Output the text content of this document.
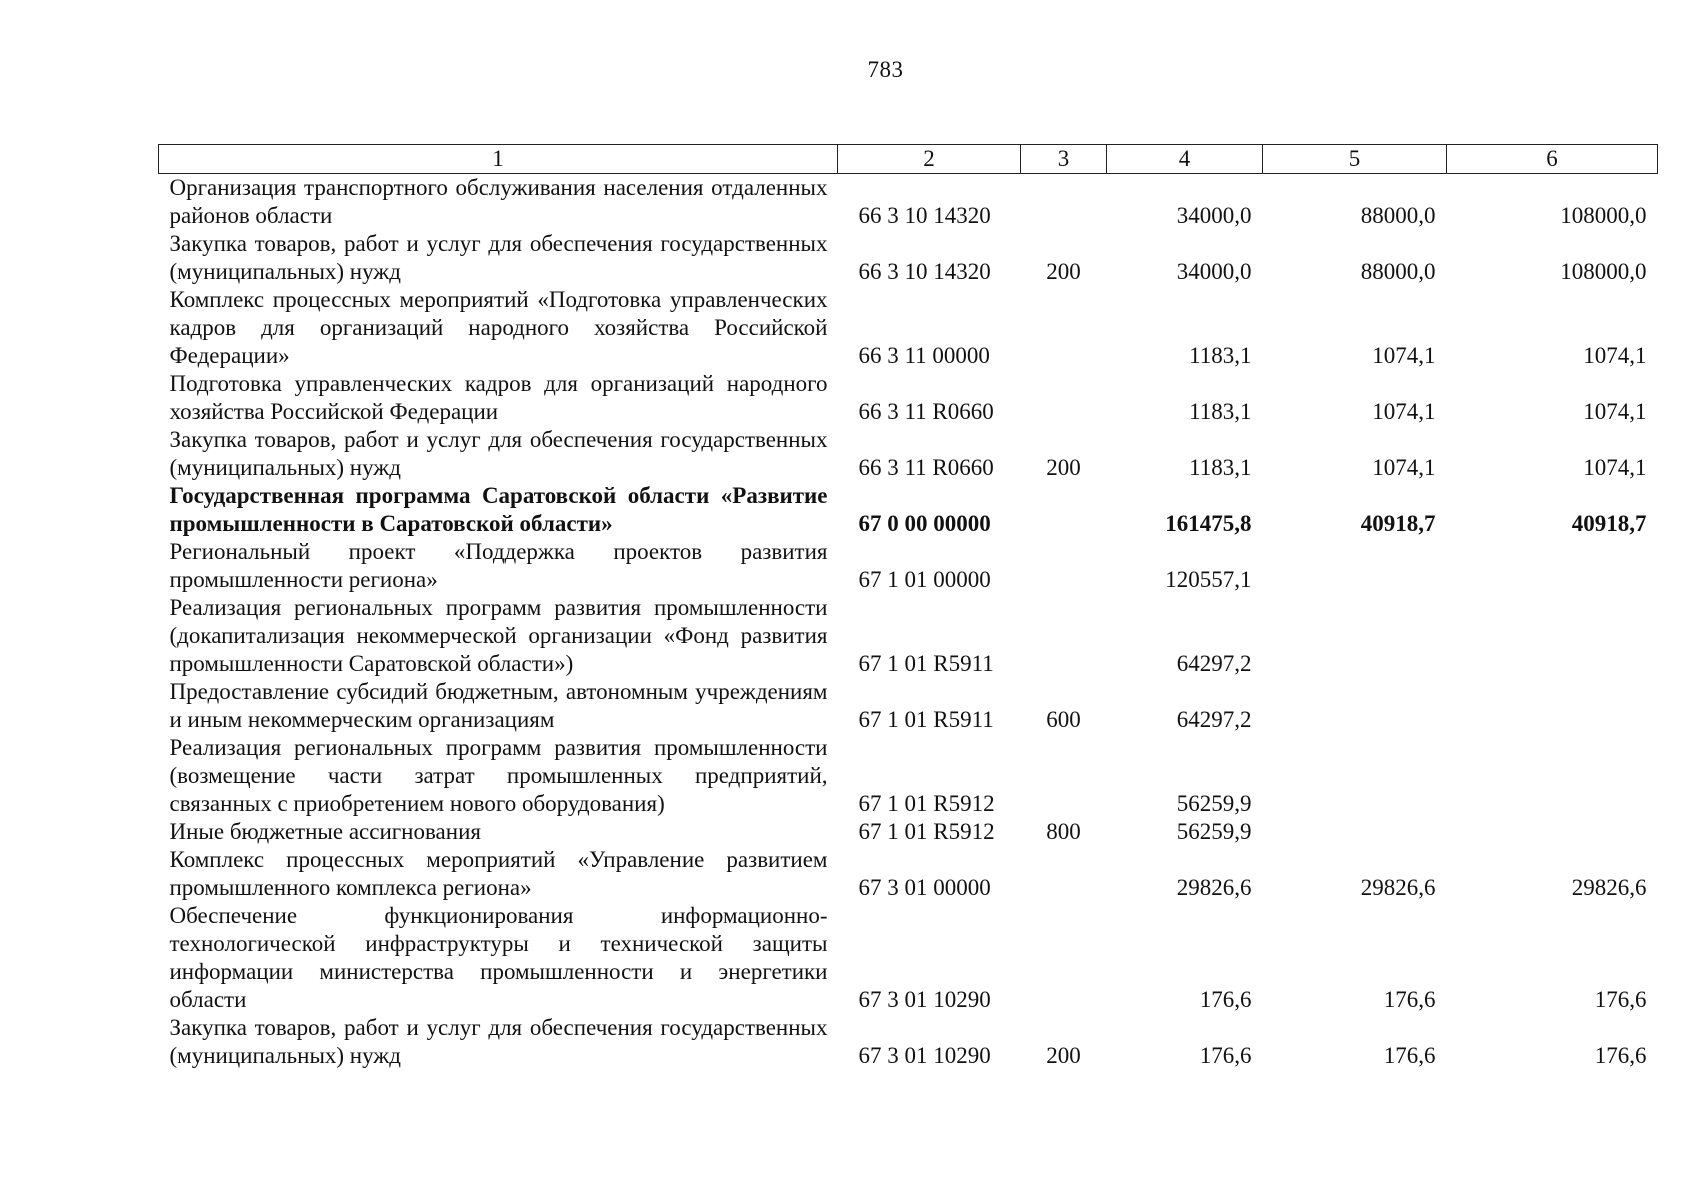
783
1	2	3	4	5	6
Организация транспортного обслуживания населения отдаленных районов области	66 3 10 14320		34000,0	88000,0	108000,0
Закупка товаров, работ и услуг для обеспечения государственных (муниципальных) нужд	66 3 10 14320	200	34000,0	88000,0	108000,0
Комплекс процессных мероприятий «Подготовка управленческих кадров для организаций народного хозяйства Российской Федерации»	66 3 11 00000		1183,1	1074,1	1074,1
Подготовка управленческих кадров для организаций народного хозяйства Российской Федерации	66 3 11 R0660		1183,1	1074,1	1074,1
Закупка товаров, работ и услуг для обеспечения государственных (муниципальных) нужд	66 3 11 R0660	200	1183,1	1074,1	1074,1
Государственная программа Саратовской области «Развитие промышленности в Саратовской области»	67 0 00 00000		161475,8	40918,7	40918,7
Региональный проект «Поддержка проектов развития промышленности региона»	67 1 01 00000		120557,1		
Реализация региональных программ развития промышленности (докапитализация некоммерческой организации «Фонд развития промышленности Саратовской области»)	67 1 01 R5911		64297,2		
Предоставление субсидий бюджетным, автономным учреждениям и иным некоммерческим организациям	67 1 01 R5911	600	64297,2		
Реализация региональных программ развития промышленности (возмещение части затрат промышленных предприятий, связанных с приобретением нового оборудования)	67 1 01 R5912		56259,9		
Иные бюджетные ассигнования	67 1 01 R5912	800	56259,9		
Комплекс процессных мероприятий «Управление развитием промышленного комплекса региона»	67 3 01 00000		29826,6	29826,6	29826,6
Обеспечение функционирования информационно-технологической инфраструктуры и технической защиты информации министерства промышленности и энергетики области	67 3 01 10290		176,6	176,6	176,6
Закупка товаров, работ и услуг для обеспечения государственных (муниципальных) нужд	67 3 01 10290	200	176,6	176,6	176,6
